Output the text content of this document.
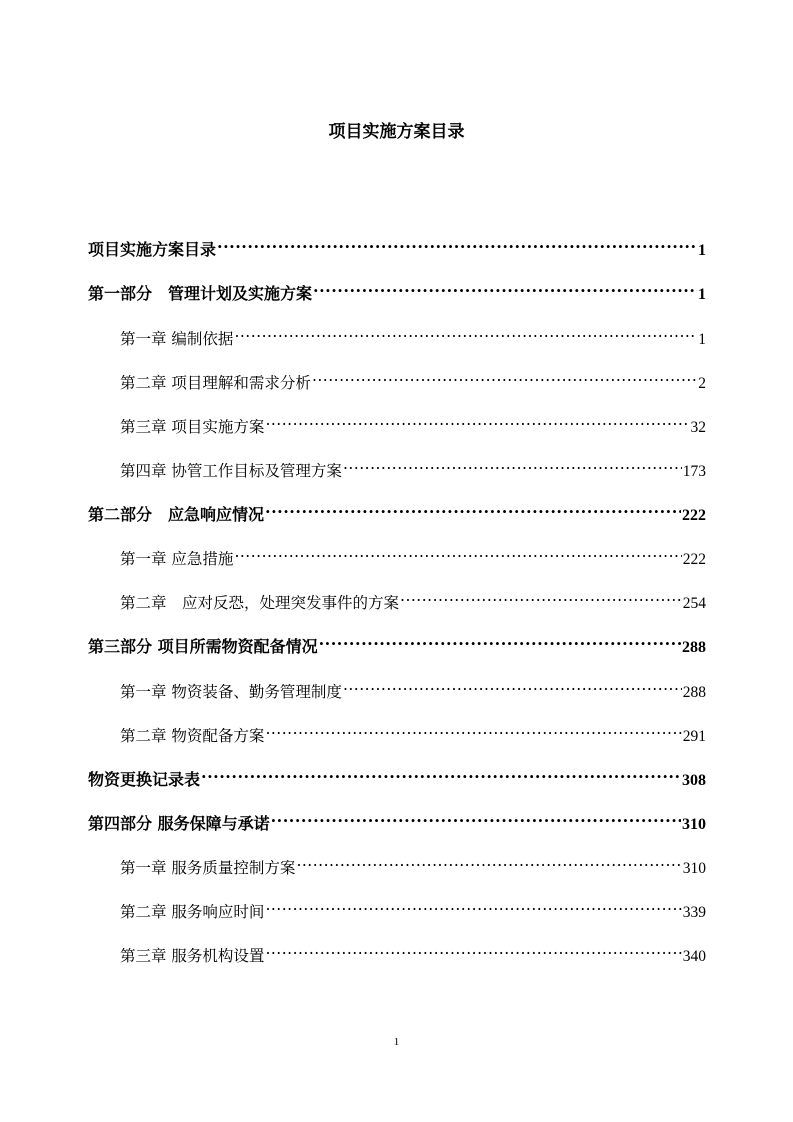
项目实施方案目录
项目实施方案目录 .....	1
第一部分　管理计划及实施方案 .....	1
第一章 编制依据 .....	1
第二章 项目理解和需求分析 .....	2
第三章 项目实施方案 .....	32
第四章 协管工作目标及管理方案 .....	173
第二部分　应急响应情况 .....	222
第一章 应急措施 .....	222
第二章　应对反恐，处理突发事件的方案 .....	254
第三部分 项目所需物资配备情况 .....	288
第一章 物资装备、勤务管理制度 .....	288
第二章 物资配备方案 .....	291
物资更换记录表 .....	308
第四部分 服务保障与承诺 .....	310
第一章 服务质量控制方案 .....	310
第二章 服务响应时间 .....	339
第三章 服务机构设置 .....	340
1
